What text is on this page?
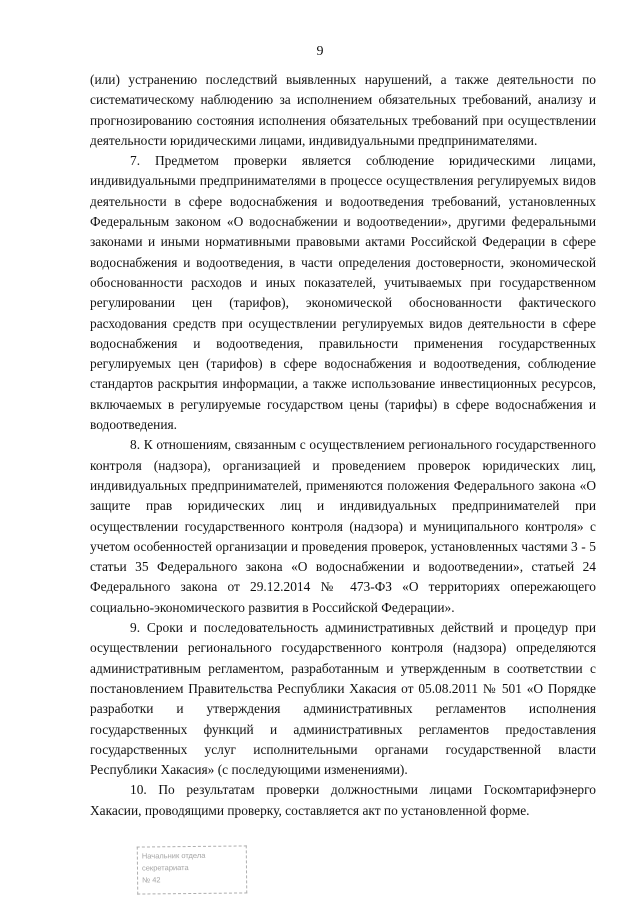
9

(или) устранению последствий выявленных нарушений, а также деятельности по систематическому наблюдению за исполнением обязательных требований, анализу и прогнозированию состояния исполнения обязательных требований при осуществлении деятельности юридическими лицами, индивидуальными предпринимателями.

7. Предметом проверки является соблюдение юридическими лицами, индивидуальными предпринимателями в процессе осуществления регулируемых видов деятельности в сфере водоснабжения и водоотведения требований, установленных Федеральным законом «О водоснабжении и водоотведении», другими федеральными законами и иными нормативными правовыми актами Российской Федерации в сфере водоснабжения и водоотведения, в части определения достоверности, экономической обоснованности расходов и иных показателей, учитываемых при государственном регулировании цен (тарифов), экономической обоснованности фактического расходования средств при осуществлении регулируемых видов деятельности в сфере водоснабжения и водоотведения, правильности применения государственных регулируемых цен (тарифов) в сфере водоснабжения и водоотведения, соблюдение стандартов раскрытия информации, а также использование инвестиционных ресурсов, включаемых в регулируемые государством цены (тарифы) в сфере водоснабжения и водоотведения.

8. К отношениям, связанным с осуществлением регионального государственного контроля (надзора), организацией и проведением проверок юридических лиц, индивидуальных предпринимателей, применяются положения Федерального закона «О защите прав юридических лиц и индивидуальных предпринимателей при осуществлении государственного контроля (надзора) и муниципального контроля» с учетом особенностей организации и проведения проверок, установленных частями 3 - 5 статьи 35 Федерального закона «О водоснабжении и водоотведении», статьей 24 Федерального закона от 29.12.2014 № 473-ФЗ «О территориях опережающего социально-экономического развития в Российской Федерации».

9. Сроки и последовательность административных действий и процедур при осуществлении регионального государственного контроля (надзора) определяются административным регламентом, разработанным и утвержденным в соответствии с постановлением Правительства Республики Хакасия от 05.08.2011 № 501 «О Порядке разработки и утверждения административных регламентов исполнения государственных функций и административных регламентов предоставления государственных услуг исполнительными органами государственной власти Республики Хакасия» (с последующими изменениями).

10. По результатам проверки должностными лицами Госкомтарифэнерго Хакасии, проводящими проверку, составляется акт по установленной форме.

Начальник отдела
секретариата
№ 42
